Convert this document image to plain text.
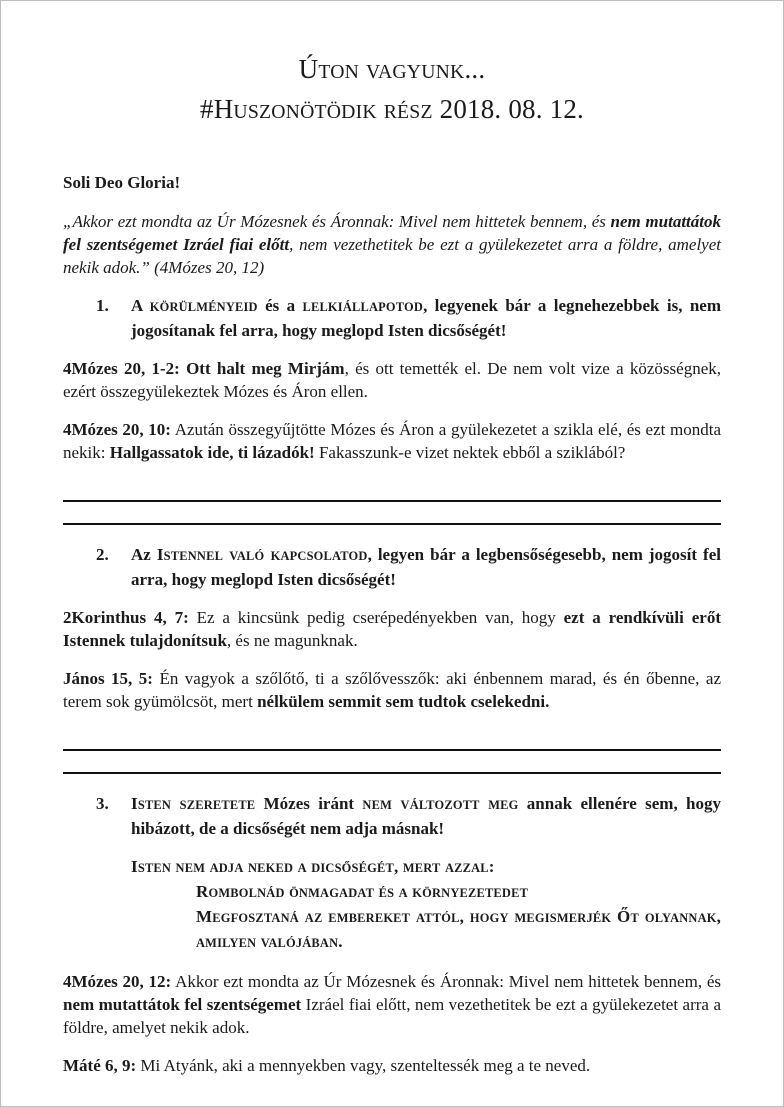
ÚTON VAGYUNK...
#HUSZONÖTÖDIK RÉSZ 2018. 08. 12.
Soli Deo Gloria!
„Akkor ezt mondta az Úr Mózesnek és Áronnak: Mivel nem hittetek bennem, és nem mutattátok fel szentségemet Izráel fiai előtt, nem vezethetitek be ezt a gyülekezetet arra a földre, amelyet nekik adok.” (4Mózes 20, 12)
1.	A KÖRÜLMÉNYEID és a LELKIÁLLAPOTOD, legyenek bár a legnehezebbek is, nem jogosítanak fel arra, hogy meglopd Isten dicsőségét!
4Mózes 20, 1-2: Ott halt meg Mirjám, és ott temették el. De nem volt vize a közösségnek, ezért összegyülekeztek Mózes és Áron ellen.
4Mózes 20, 10: Azután összegyűjtötte Mózes és Áron a gyülekezetet a szikla elé, és ezt mondta nekik: Hallgassatok ide, ti lázadók! Fakasszunk-e vizet nektek ebből a sziklából?
2.	Az ISTENNEL VALÓ KAPCSOLATOD, legyen bár a legbensőségesebb, nem jogosít fel arra, hogy meglopd Isten dicsőségét!
2Korinthus 4, 7: Ez a kincsünk pedig cserépedényekben van, hogy ezt a rendkívüli erőt Istennek tulajdonítsuk, és ne magunknak.
János 15, 5: Én vagyok a szőlőtő, ti a szőlővesszők: aki énbennem marad, és én őbenne, az terem sok gyümölcsöt, mert nélkülem semmit sem tudtok cselekedni.
3.	ISTEN SZERETETE Mózes iránt NEM VÁLTOZOTT MEG annak ellenére sem, hogy hibázott, de a dicsőségét nem adja másnak!
ISTEN NEM ADJA NEKED A DICSŐSÉGÉT, MERT AZZAL:
ROMBOLNÁD ÖNMAGADAT ÉS A KÖRNYEZETEDET
MEGFOSZTANÁ AZ EMBEREKET ATTÓL, HOGY MEGISMERJÉK ŐT OLYANNAK, AMILYEN VALÓJÁBAN.
4Mózes 20, 12: Akkor ezt mondta az Úr Mózesnek és Áronnak: Mivel nem hittetek bennem, és nem mutattátok fel szentségemet Izráel fiai előtt, nem vezethetitek be ezt a gyülekezetet arra a földre, amelyet nekik adok.
Máté 6, 9: Mi Atyánk, aki a mennyekben vagy, szenteltessék meg a te neved.
